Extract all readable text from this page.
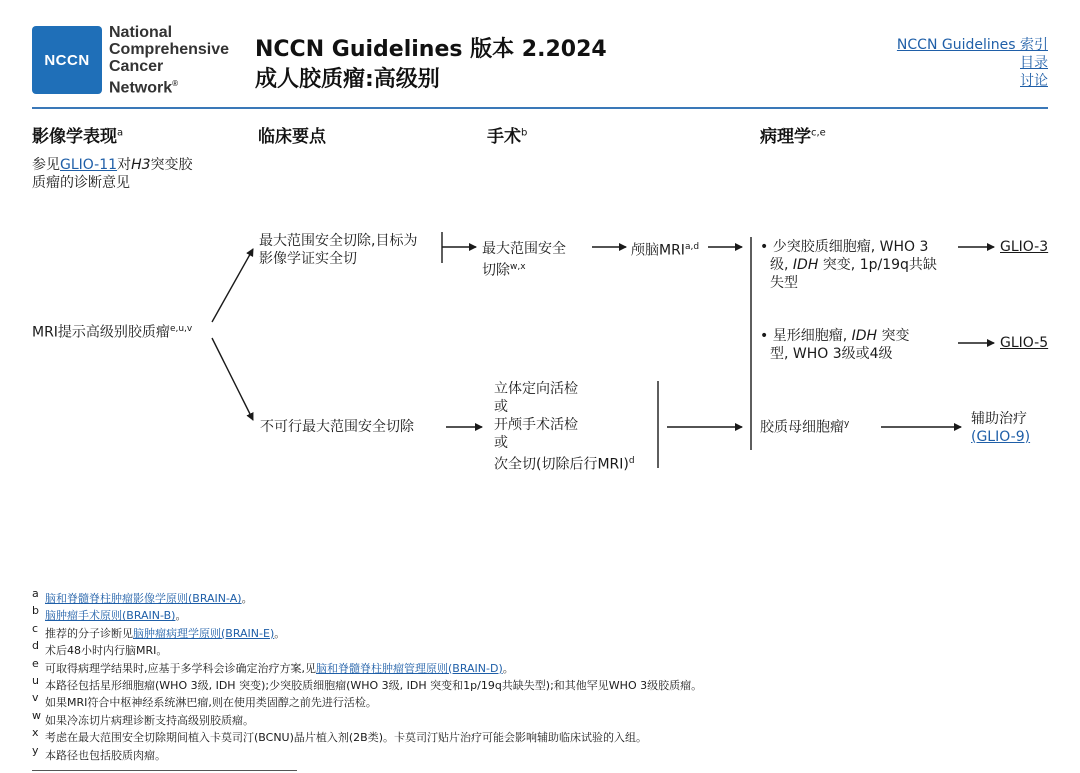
NCCN
National
Comprehensive
Cancer
Network®
NCCN Guidelines 版本 2.2024
成人胶质瘤:高级别
NCCN Guidelines 索引
目录
讨论
影像学表现$^a$	临床要点	手术$^b$	病理学$^{c,e}$
参见GLIO-11对H3突变胶
质瘤的诊断意见
MRI提示高级别胶质瘤$^{e,u,v}$
最大范围安全切除,目标为
影像学证实全切
最大范围安全
切除$^{w,x}$
颅脑MRI$^{a,d}$
不可行最大范围安全切除
立体定向活检
或
开颅手术活检
或
次全切(切除后行MRI)$^d$
• 少突胶质细胞瘤, WHO 3
级, IDH 突变, 1p/19q共缺
失型
GLIO-3
• 星形细胞瘤, IDH 突变
型, WHO 3级或4级
GLIO-5
胶质母细胞瘤$^y$	辅助治疗
(GLIO-9)
a 脑和脊髓脊柱肿瘤影像学原则(BRAIN-A)。
b 脑肿瘤手术原则(BRAIN-B)。
c 推荐的分子诊断见脑肿瘤病理学原则(BRAIN-E)。
d 术后48小时内行脑MRI。
e 可取得病理学结果时,应基于多学科会诊确定治疗方案,见脑和脊髓脊柱肿瘤管理原则(BRAIN-D)。
u 本路径包括星形细胞瘤(WHO 3级, IDH 突变);少突胶质细胞瘤(WHO 3级, IDH 突变和1p/19q共缺失型);和其他罕见WHO 3级胶质瘤。
v 如果MRI符合中枢神经系统淋巴瘤,则在使用类固醇之前先进行活检。
w 如果冷冻切片病理诊断支持高级别胶质瘤。
x 考虑在最大范围安全切除期间植入卡莫司汀(BCNU)晶片植入剂(2B类)。卡莫司汀贴片治疗可能会影响辅助临床试验的入组。
y 本路径也包括胶质肉瘤。
